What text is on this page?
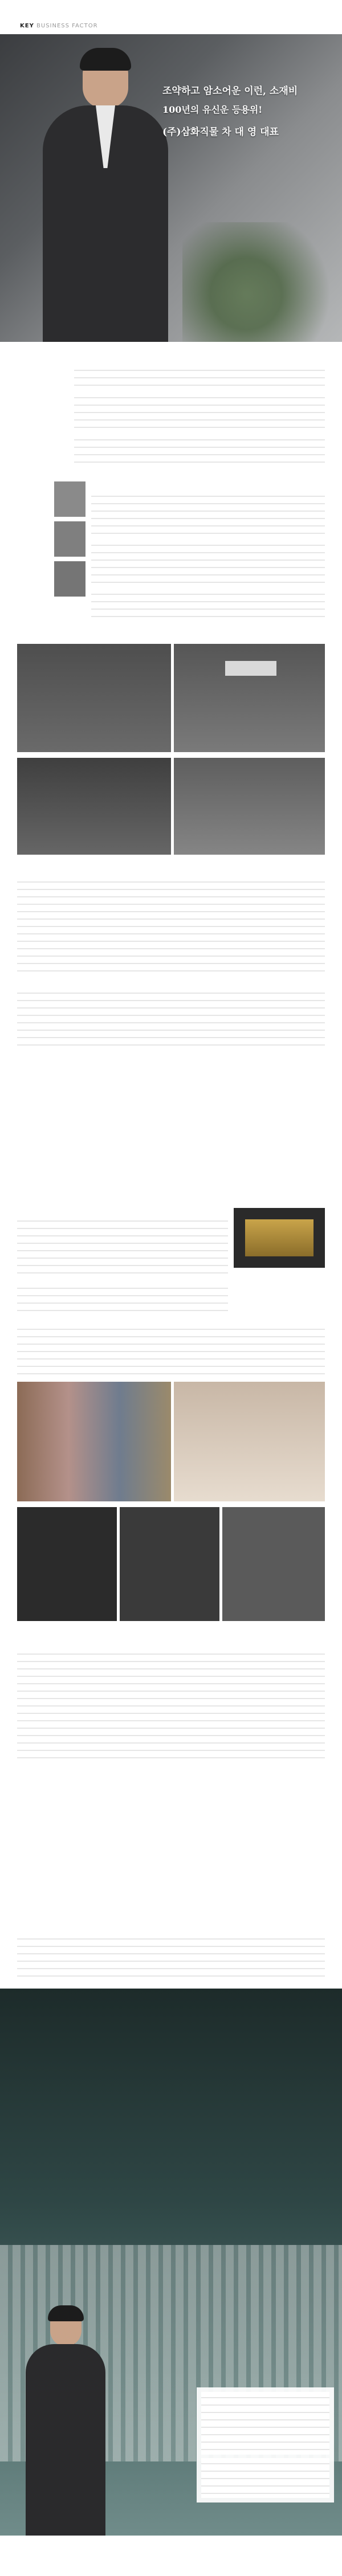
KEY BUSINESS FACTOR
조약하고 암소어운 이런, 소재비
100년의 유신운 등용위!
(주)삼화직물 차 대 영 대표
